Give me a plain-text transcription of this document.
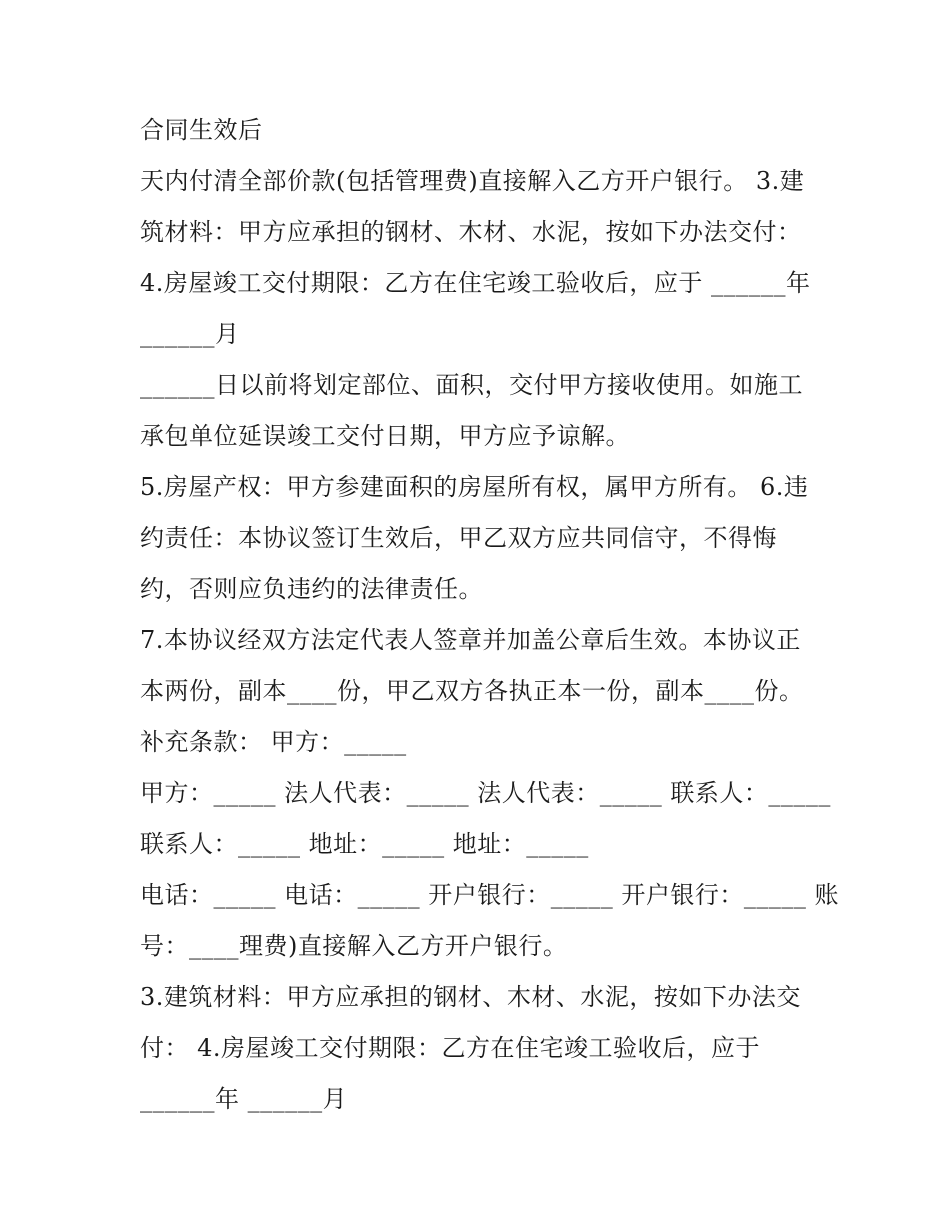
合同生效后
天内付清全部价款(包括管理费)直接解入乙方开户银行。 3.建
筑材料：甲方应承担的钢材、木材、水泥，按如下办法交付：
4.房屋竣工交付期限：乙方在住宅竣工验收后，应于 ______年
______月
______日以前将划定部位、面积，交付甲方接收使用。如施工
承包单位延误竣工交付日期，甲方应予谅解。
5.房屋产权：甲方参建面积的房屋所有权，属甲方所有。 6.违
约责任：本协议签订生效后，甲乙双方应共同信守，不得悔
约，否则应负违约的法律责任。
7.本协议经双方法定代表人签章并加盖公章后生效。本协议正
本两份，副本____份，甲乙双方各执正本一份，副本____份。
补充条款： 甲方：_____
甲方：_____ 法人代表：_____ 法人代表：_____ 联系人：_____
联系人：_____ 地址：_____ 地址：_____
电话：_____ 电话：_____ 开户银行：_____ 开户银行：_____ 账
号：____理费)直接解入乙方开户银行。
3.建筑材料：甲方应承担的钢材、木材、水泥，按如下办法交
付： 4.房屋竣工交付期限：乙方在住宅竣工验收后，应于
______年 ______月
